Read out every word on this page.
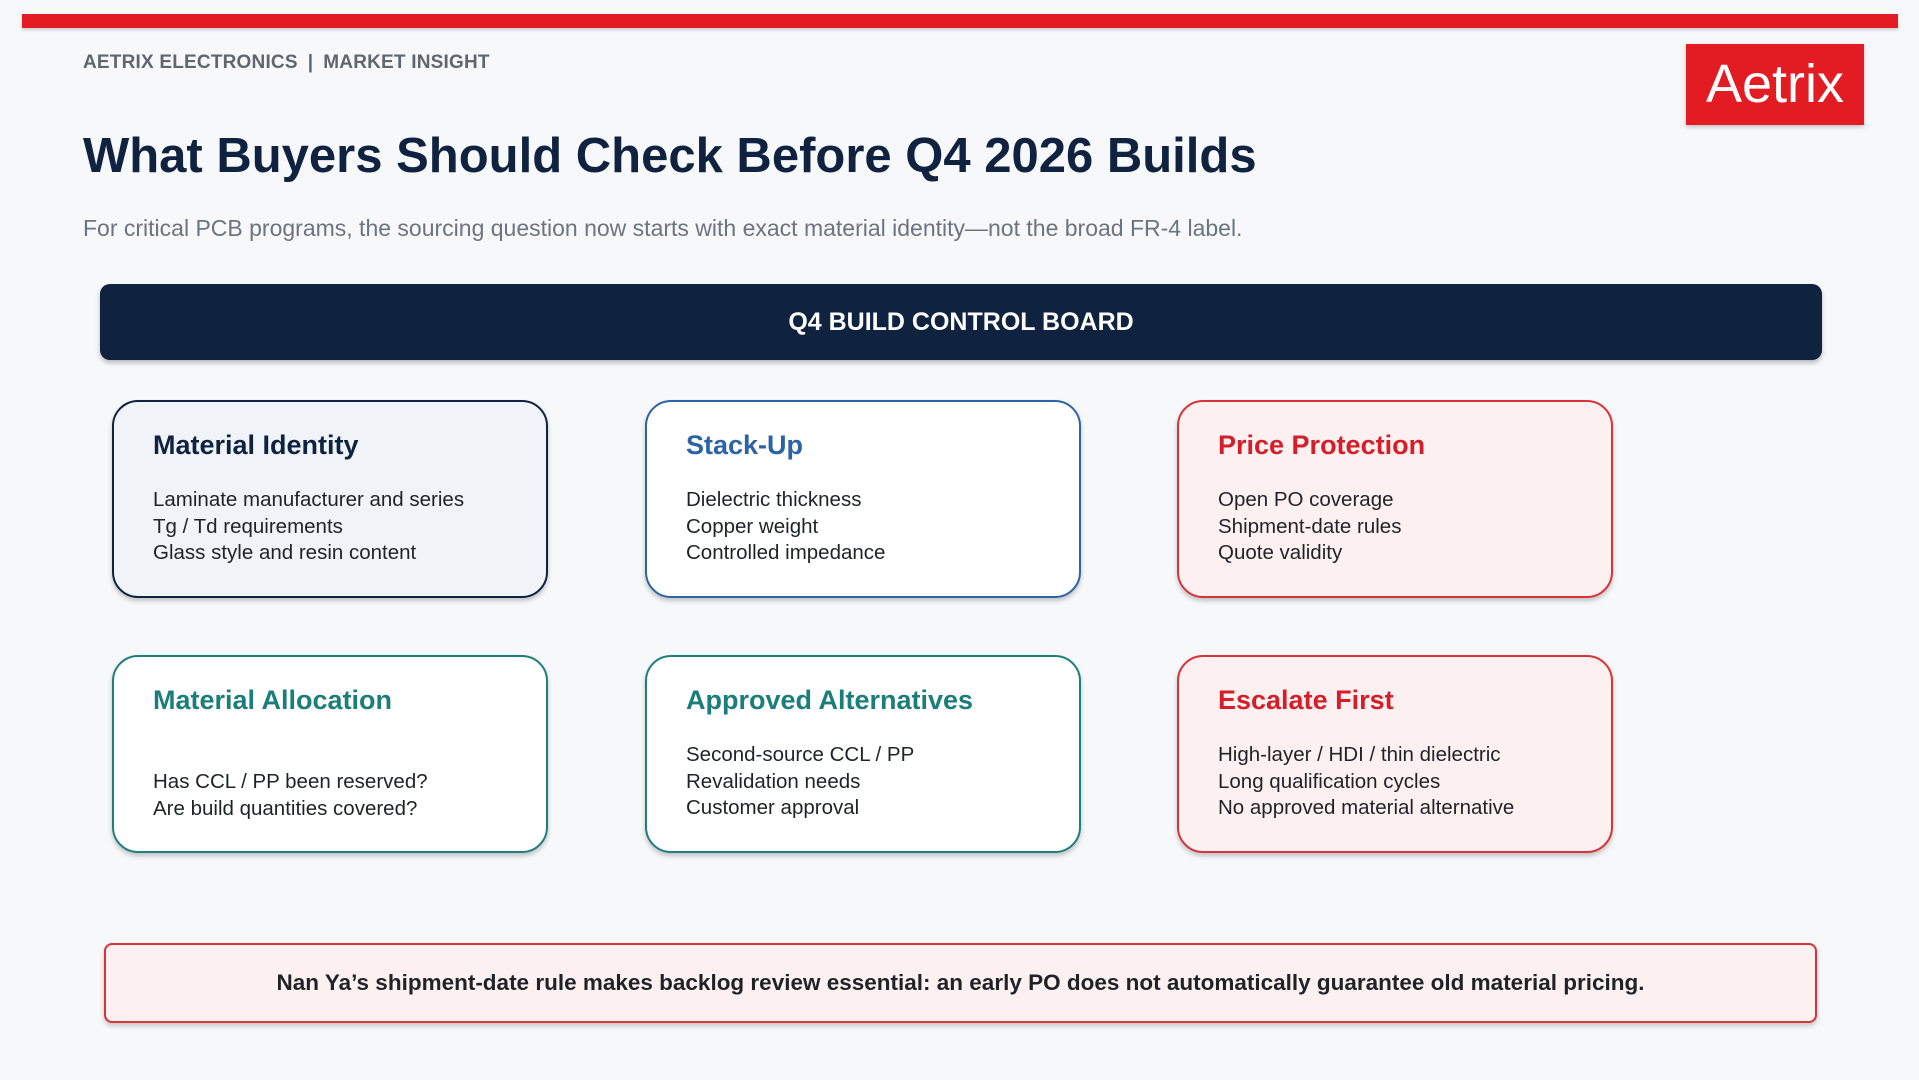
AETRIX ELECTRONICS | MARKET INSIGHT	Aetrix
What Buyers Should Check Before Q4 2026 Builds

For critical PCB programs, the sourcing question now starts with exact material identity—not the broad FR-4 label.

Q4 BUILD CONTROL BOARD
Material Identity
Laminate manufacturer and series
Tg / Td requirements
Glass style and resin content
Stack-Up
Dielectric thickness
Copper weight
Controlled impedance
Price Protection
Open PO coverage
Shipment-date rules
Quote validity
Material Allocation
Has CCL / PP been reserved?
Are build quantities covered?
Approved Alternatives
Second-source CCL / PP
Revalidation needs
Customer approval
Escalate First
High-layer / HDI / thin dielectric
Long qualification cycles
No approved material alternative
Nan Ya’s shipment-date rule makes backlog review essential: an early PO does not automatically guarantee old material pricing.
